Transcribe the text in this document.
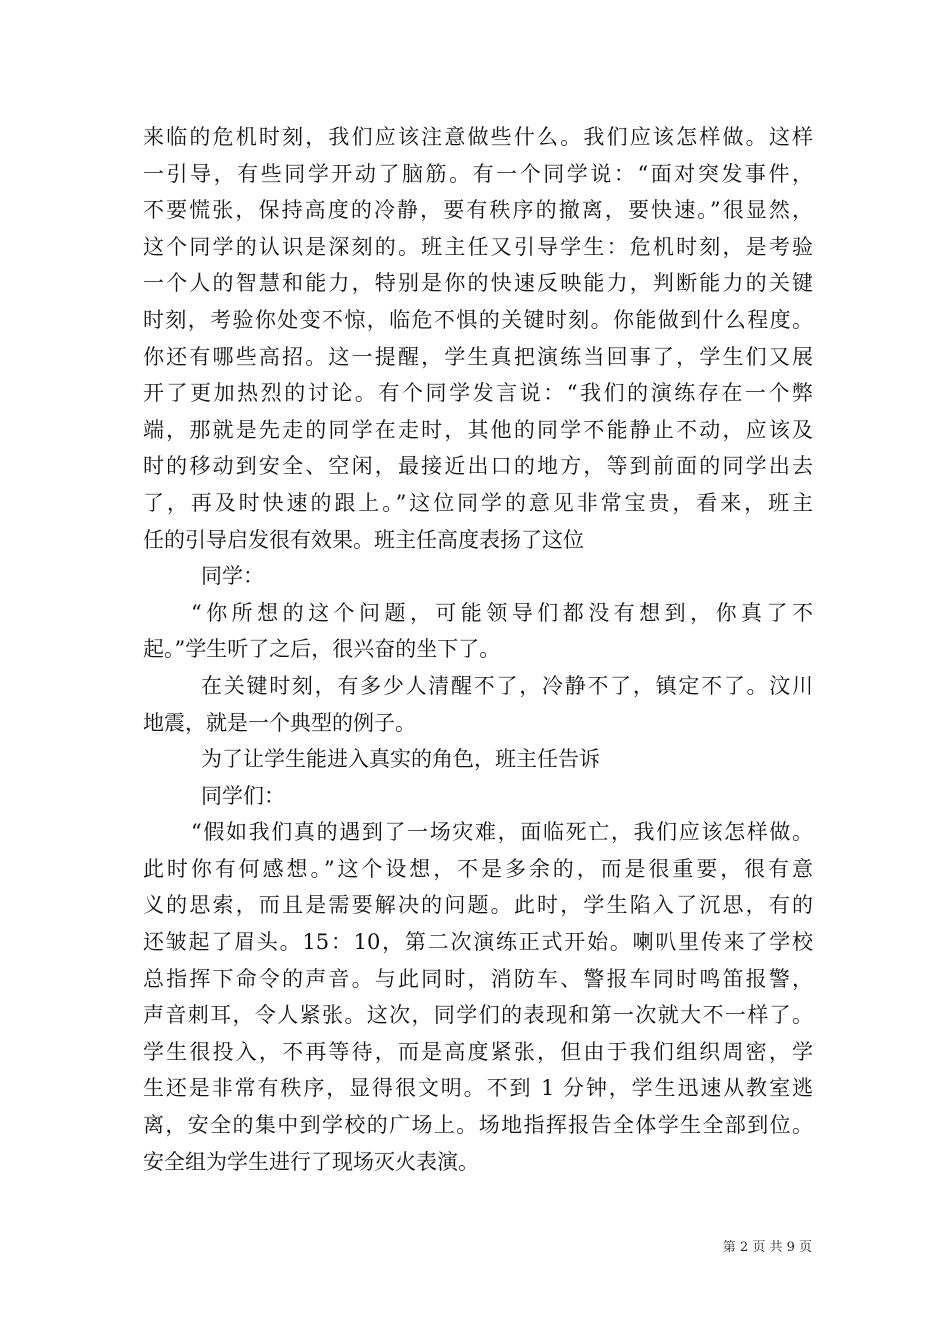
来临的危机时刻，我们应该注意做些什么。我们应该怎样做。这样
一引导，有些同学开动了脑筋。有一个同学说：“面对突发事件，
不要慌张，保持高度的冷静，要有秩序的撤离，要快速。”很显然，
这个同学的认识是深刻的。班主任又引导学生：危机时刻，是考验
一个人的智慧和能力，特别是你的快速反映能力，判断能力的关键
时刻，考验你处变不惊，临危不惧的关键时刻。你能做到什么程度。
你还有哪些高招。这一提醒，学生真把演练当回事了，学生们又展
开了更加热烈的讨论。有个同学发言说：“我们的演练存在一个弊
端，那就是先走的同学在走时，其他的同学不能静止不动，应该及
时的移动到安全、空闲，最接近出口的地方，等到前面的同学出去
了，再及时快速的跟上。”这位同学的意见非常宝贵，看来，班主
任的引导启发很有效果。班主任高度表扬了这位
同学：
“你所想的这个问题，可能领导们都没有想到，你真了不
起。”学生听了之后，很兴奋的坐下了。
在关键时刻，有多少人清醒不了，冷静不了，镇定不了。汶川
地震，就是一个典型的例子。
为了让学生能进入真实的角色，班主任告诉
同学们：
“假如我们真的遇到了一场灾难，面临死亡，我们应该怎样做。
此时你有何感想。”这个设想，不是多余的，而是很重要，很有意
义的思索，而且是需要解决的问题。此时，学生陷入了沉思，有的
还皱起了眉头。15：10，第二次演练正式开始。喇叭里传来了学校
总指挥下命令的声音。与此同时，消防车、警报车同时鸣笛报警，
声音刺耳，令人紧张。这次，同学们的表现和第一次就大不一样了。
学生很投入，不再等待，而是高度紧张，但由于我们组织周密，学
生还是非常有秩序，显得很文明。不到 1 分钟，学生迅速从教室逃
离，安全的集中到学校的广场上。场地指挥报告全体学生全部到位。
安全组为学生进行了现场灭火表演。
第 2 页 共 9 页
